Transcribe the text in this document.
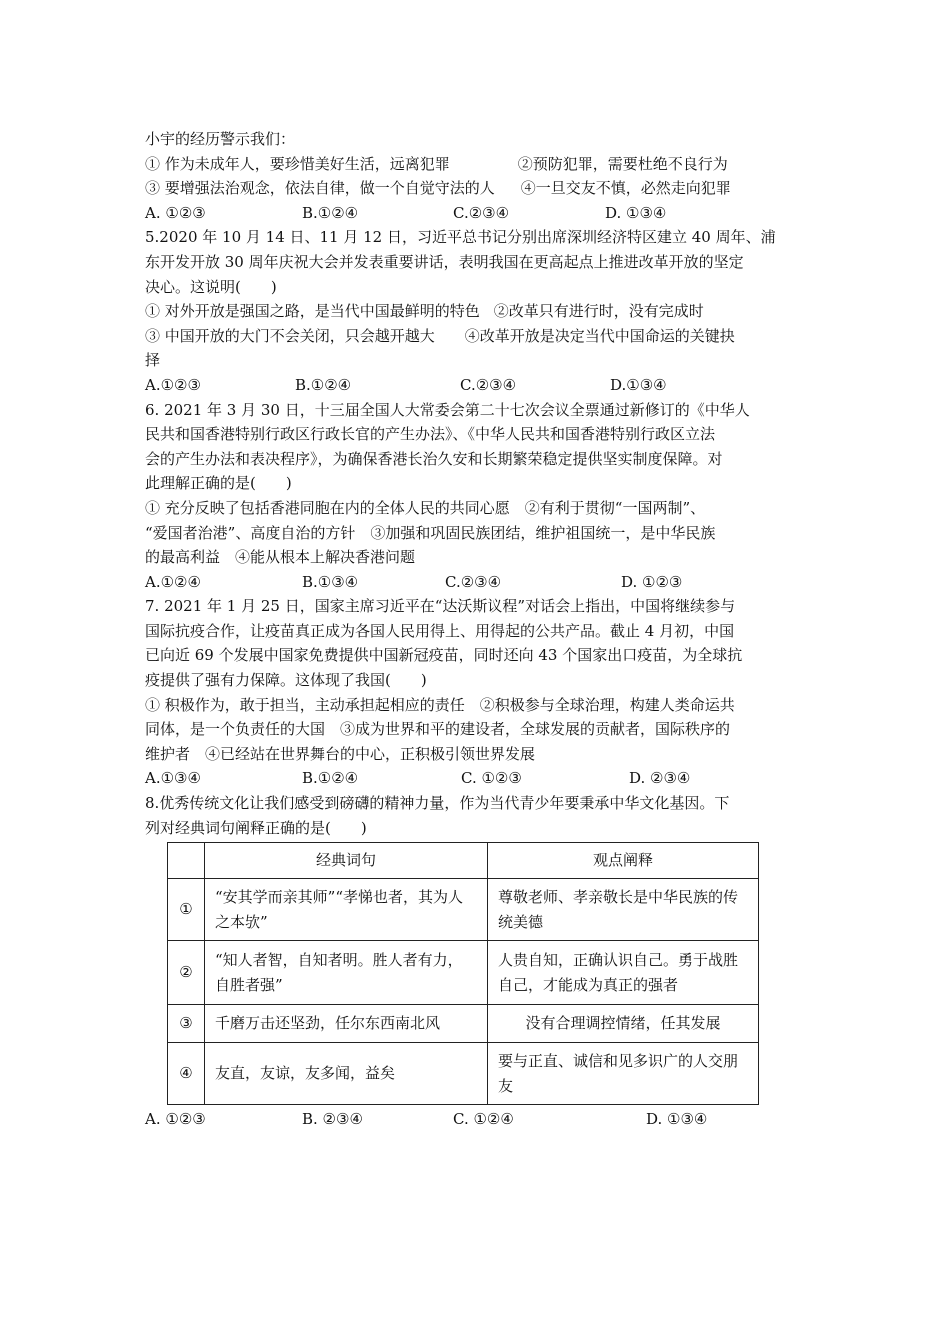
小宇的经历警示我们：
① 作为未成年人，要珍惜美好生活，远离犯罪	②预防犯罪，需要杜绝不良行为
③ 要增强法治观念，依法自律，做一个自觉守法的人 ④一旦交友不慎，必然走向犯罪
A. ①②③	B.①②④	C.②③④	D. ①③④
5.2020 年 10 月 14 日、11 月 12 日，习近平总书记分别出席深圳经济特区建立 40 周年、浦
东开发开放 30 周年庆祝大会并发表重要讲话，表明我国在更高起点上推进改革开放的坚定
决心。这说明(　　)
① 对外开放是强国之路，是当代中国最鲜明的特色 ②改革只有进行时，没有完成时
③ 中国开放的大门不会关闭，只会越开越大 ④改革开放是决定当代中国命运的关键抉
择
A.①②③	B.①②④	C.②③④	D.①③④
6. 2021 年 3 月 30 日，十三届全国人大常委会第二十七次会议全票通过新修订的《中华人
民共和国香港特别行政区行政长官的产生办法》、《中华人民共和国香港特别行政区立法
会的产生办法和表决程序》，为确保香港长治久安和长期繁荣稳定提供坚实制度保障。对
此理解正确的是(　　)
① 充分反映了包括香港同胞在内的全体人民的共同心愿　②有利于贯彻“一国两制”、
“爱国者治港”、高度自治的方针　③加强和巩固民族团结，维护祖国统一，是中华民族
的最高利益　④能从根本上解决香港问题
A.①②④	B.①③④	C.②③④	D. ①②③
7. 2021 年 1 月 25 日，国家主席习近平在“达沃斯议程”对话会上指出，中国将继续参与
国际抗疫合作，让疫苗真正成为各国人民用得上、用得起的公共产品。截止 4 月初，中国
已向近 69 个发展中国家免费提供中国新冠疫苗，同时还向 43 个国家出口疫苗，为全球抗
疫提供了强有力保障。这体现了我国(　　)
① 积极作为，敢于担当，主动承担起相应的责任　②积极参与全球治理，构建人类命运共
同体，是一个负责任的大国　③成为世界和平的建设者，全球发展的贡献者，国际秩序的
维护者　④已经站在世界舞台的中心，正积极引领世界发展
A.①③④	B.①②④	C. ①②③	D. ②③④
8.优秀传统文化让我们感受到磅礴的精神力量，作为当代青少年要秉承中华文化基因。下
列对经典词句阐释正确的是(　　)
	经典词句	观点阐释
①	“安其学而亲其师”“孝悌也者，其为人之本欤”	尊敬老师、孝亲敬长是中华民族的传统美德
②	“知人者智，自知者明。胜人者有力，自胜者强”	人贵自知，正确认识自己。勇于战胜自己，才能成为真正的强者
③	千磨万击还坚劲，任尔东西南北风	没有合理调控情绪，任其发展
④	友直，友谅，友多闻，益矣	要与正直、诚信和见多识广的人交朋友
A. ①②③	B. ②③④	C. ①②④	D. ①③④
